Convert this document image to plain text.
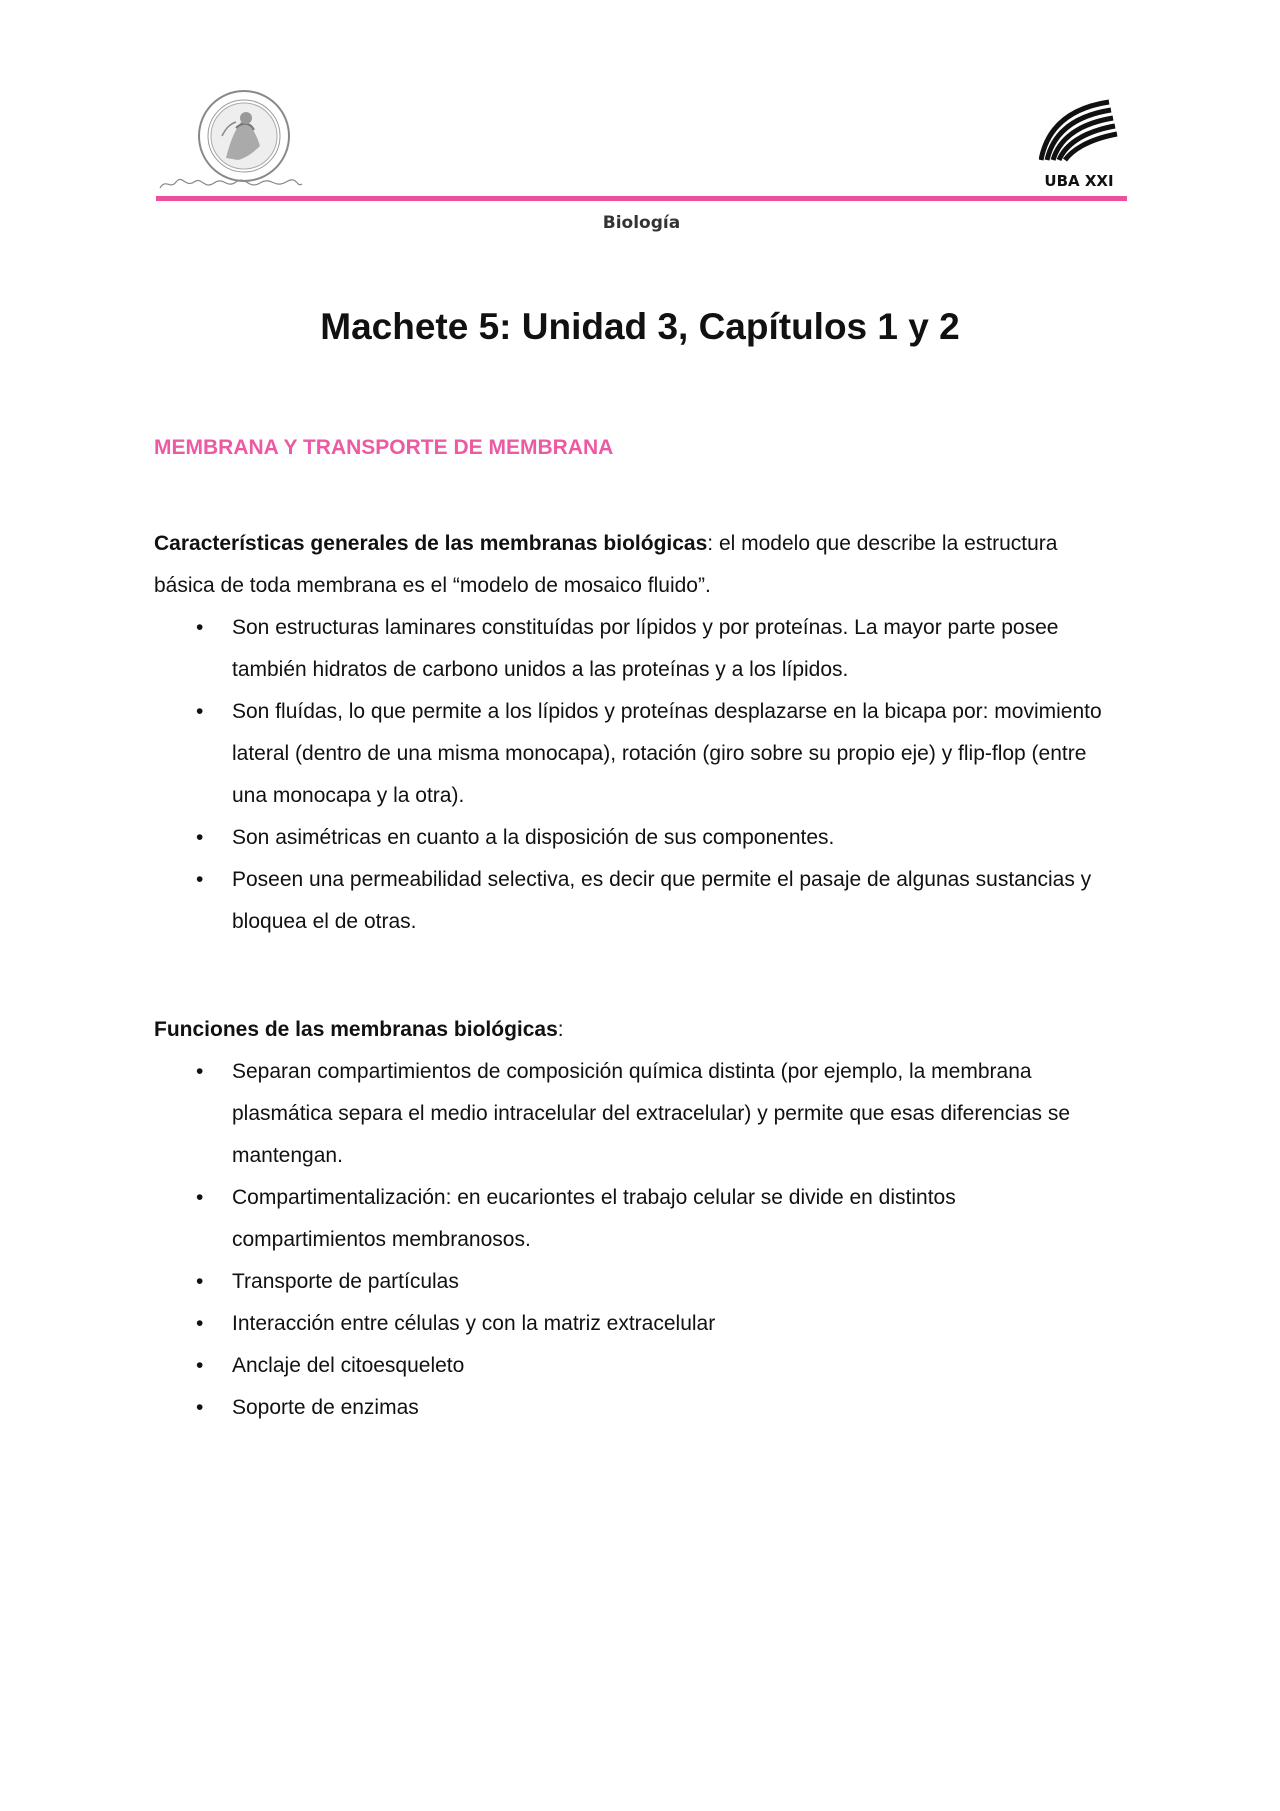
UBA XXI
Biología
Machete 5: Unidad 3, Capítulos 1 y 2
MEMBRANA Y TRANSPORTE DE MEMBRANA

Características generales de las membranas biológicas: el modelo que describe la estructura básica de toda membrana es el “modelo de mosaico fluido”.

• Son estructuras laminares constituídas por lípidos y por proteínas. La mayor parte posee también hidratos de carbono unidos a las proteínas y a los lípidos.
• Son fluídas, lo que permite a los lípidos y proteínas desplazarse en la bicapa por: movimiento lateral (dentro de una misma monocapa), rotación (giro sobre su propio eje) y flip-flop (entre una monocapa y la otra).
• Son asimétricas en cuanto a la disposición de sus componentes.
• Poseen una permeabilidad selectiva, es decir que permite el pasaje de algunas sustancias y bloquea el de otras.

Funciones de las membranas biológicas:

• Separan compartimientos de composición química distinta (por ejemplo, la membrana plasmática separa el medio intracelular del extracelular) y permite que esas diferencias se mantengan.
• Compartimentalización: en eucariontes el trabajo celular se divide en distintos compartimientos membranosos.
• Transporte de partículas
• Interacción entre células y con la matriz extracelular
• Anclaje del citoesqueleto
• Soporte de enzimas
